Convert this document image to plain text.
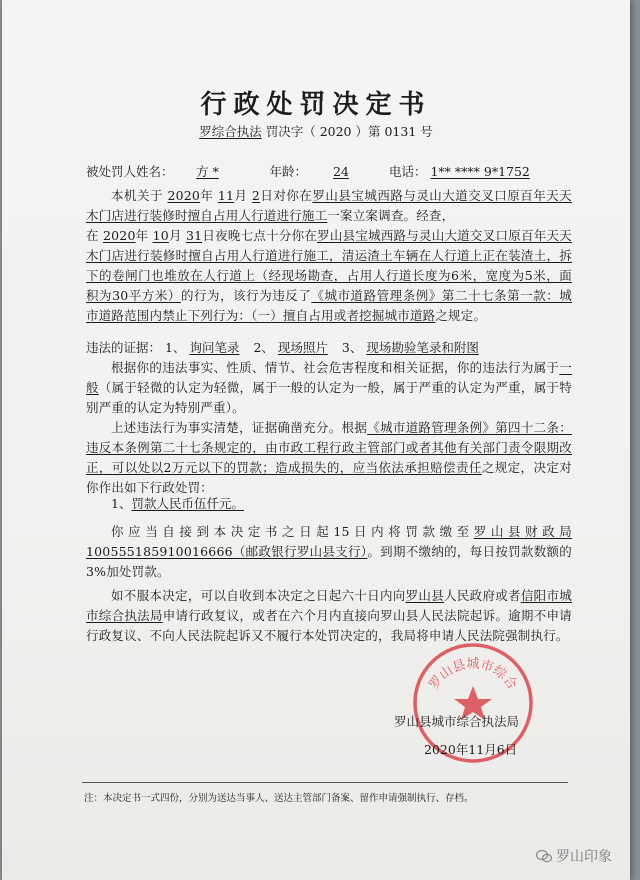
行政处罚决定书
罗综合执法 罚决字（ 2020 ）第 0131 号
被处罚人姓名： 方 *	年龄： 24	电话： 1** **** 9*1752
本机关于 2020年 11月 2日对你在罗山县宝城西路与灵山大道交叉口原百年天天木门店进行装修时擅自占用人行道进行施工一案立案调查。经查，
在 2020年 10月 31日夜晚七点十分你在罗山县宝城西路与灵山大道交叉口原百年天天木门店进行装修时擅自占用人行道进行施工，清运渣土车辆在人行道上正在装渣土，拆下的卷闸门也堆放在人行道上（经现场勘查，占用人行道长度为6米，宽度为5米，面积为30平方米）的行为，该行为违反了《城市道路管理条例》第二十七条第一款：城市道路范围内禁止下列行为：（一）擅自占用或者挖掘城市道路之规定。
违法的证据： 1、 询问笔录 2、 现场照片 3、 现场勘验笔录和附图
根据你的违法事实、性质、情节、社会危害程度和相关证据，你的违法行为属于一般（属于轻微的认定为轻微，属于一般的认定为一般，属于严重的认定为严重，属于特别严重的认定为特别严重）。
上述违法行为事实清楚，证据确凿充分。根据《城市道路管理条例》第四十二条：违反本条例第二十七条规定的，由市政工程行政主管部门或者其他有关部门责令限期改正，可以处以2万元以下的罚款；造成损失的，应当依法承担赔偿责任之规定，决定对你作出如下行政处罚：
1、罚款人民币伍仟元。
你应当自接到本决定书之日起15日内将罚款缴至罗山县财政局100555185910016666（邮政银行罗山县支行）。到期不缴纳的，每日按罚款数额的3%加处罚款。
如不服本决定，可以自收到本决定之日起六十日内向罗山县人民政府或者信阳市城市综合执法局申请行政复议，或者在六个月内直接向罗山县人民法院起诉。逾期不申请行政复议、不向人民法院起诉又不履行本处罚决定的，我局将申请人民法院强制执行。
罗山县城市综合
罗山县城市综合执法局
2020年11月6日
注：本决定书一式四份，分别为送达当事人、送达主管部门备案、留作申请强制执行、存档。
罗山印象
